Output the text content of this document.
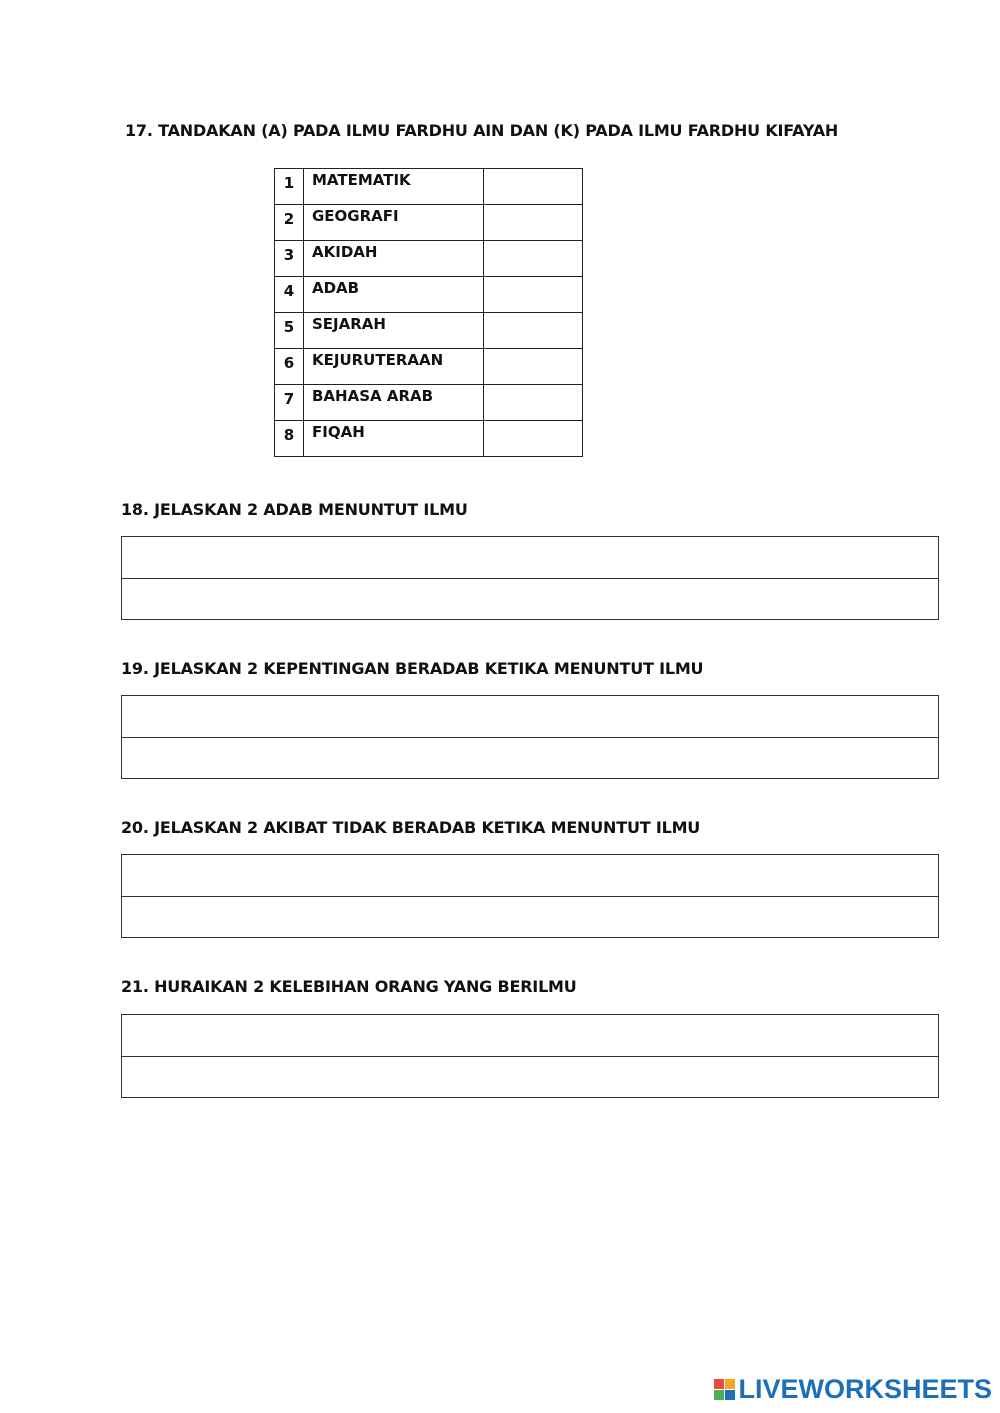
17. TANDAKAN (A) PADA ILMU FARDHU AIN DAN (K) PADA ILMU FARDHU KIFAYAH
1	MATEMATIK	
2	GEOGRAFI	
3	AKIDAH	
4	ADAB	
5	SEJARAH	
6	KEJURUTERAAN	
7	BAHASA ARAB	
8	FIQAH	
18. JELASKAN 2 ADAB MENUNTUT ILMU
19. JELASKAN 2 KEPENTINGAN BERADAB KETIKA MENUNTUT ILMU
20. JELASKAN 2 AKIBAT TIDAK BERADAB KETIKA MENUNTUT ILMU
21. HURAIKAN 2 KELEBIHAN ORANG YANG BERILMU
LIVEWORKSHEETS
